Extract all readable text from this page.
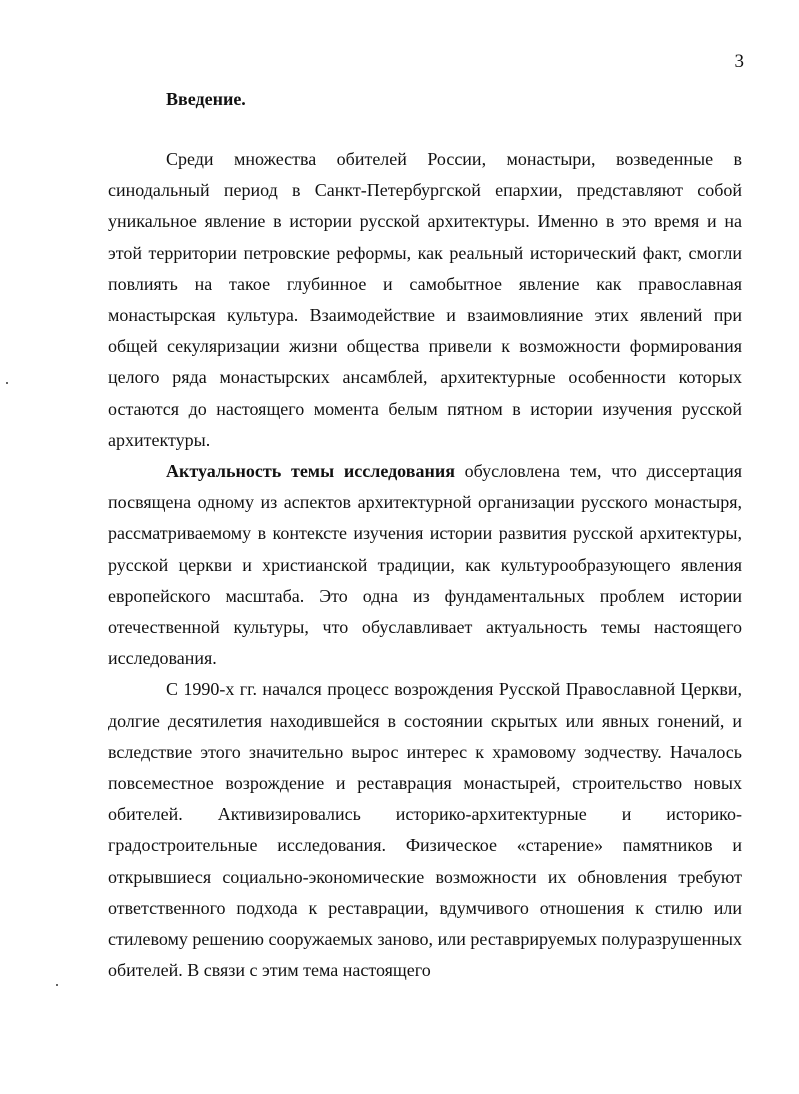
3
Введение.

Среди множества обителей России, монастыри, возведенные в синодальный период в Санкт-Петербургской епархии, представляют собой уникальное явление в истории русской архитектуры. Именно в это время и на этой территории петровские реформы, как реальный исторический факт, смогли повлиять на такое глубинное и самобытное явление как православная монастырская культура. Взаимодействие и взаимовлияние этих явлений при общей секуляризации жизни общества привели к возможности формирования целого ряда монастырских ансамблей, архитектурные особенности которых остаются до настоящего момента белым пятном в истории изучения русской архитектуры.

Актуальность темы исследования обусловлена тем, что диссертация посвящена одному из аспектов архитектурной организации русского монастыря, рассматриваемому в контексте изучения истории развития русской архитектуры, русской церкви и христианской традиции, как культурообразующего явления европейского масштаба. Это одна из фундаментальных проблем истории отечественной культуры, что обуславливает актуальность темы настоящего исследования.

С 1990-х гг. начался процесс возрождения Русской Православной Церкви, долгие десятилетия находившейся в состоянии скрытых или явных гонений, и вследствие этого значительно вырос интерес к храмовому зодчеству. Началось повсеместное возрождение и реставрация монастырей, строительство новых обителей. Активизировались историко-архитектурные и историко-градостроительные исследования. Физическое «старение» памятников и открывшиеся социально-экономические возможности их обновления требуют ответственного подхода к реставрации, вдумчивого отношения к стилю или стилевому решению сооружаемых заново, или реставрируемых полуразрушенных обителей. В связи с этим тема настоящего
